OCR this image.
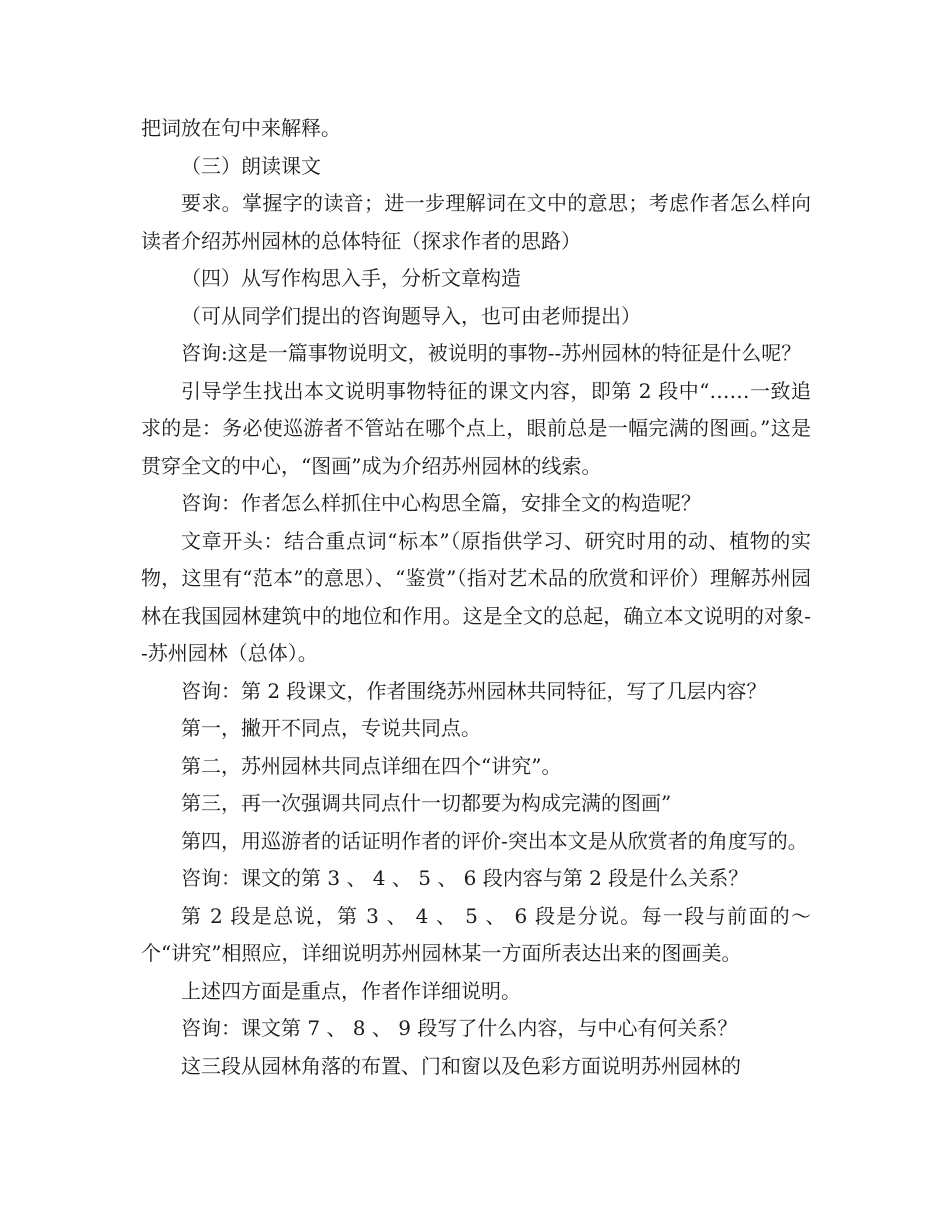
把词放在句中来解释。

（三）朗读课文

要求。掌握字的读音；进一步理解词在文中的意思；考虑作者怎么样向读者介绍苏州园林的总体特征（探求作者的思路）

（四）从写作构思入手，分析文章构造

（可从同学们提出的咨询题导入，也可由老师提出）

咨询:这是一篇事物说明文，被说明的事物--苏州园林的特征是什么呢？

引导学生找出本文说明事物特征的课文内容，即第 2 段中“……一致追求的是：务必使巡游者不管站在哪个点上，眼前总是一幅完满的图画。”这是贯穿全文的中心，“图画”成为介绍苏州园林的线索。

咨询：作者怎么样抓住中心构思全篇，安排全文的构造呢？

文章开头：结合重点词“标本”（原指供学习、研究时用的动、植物的实物，这里有“范本”的意思）、“鉴赏”（指对艺术品的欣赏和评价）理解苏州园林在我国园林建筑中的地位和作用。这是全文的总起，确立本文说明的对象--苏州园林（总体）。

咨询：第 2 段课文，作者围绕苏州园林共同特征，写了几层内容？

第一，撇开不同点，专说共同点。

第二，苏州园林共同点详细在四个“讲究”。

第三，再一次强调共同点什一切都要为构成完满的图画”

第四，用巡游者的话证明作者的评价-突出本文是从欣赏者的角度写的。

咨询：课文的第 3 、 4 、 5 、 6 段内容与第 2 段是什么关系？

第 2 段是总说，第 3 、 4 、 5 、 6 段是分说。每一段与前面的～个“讲究”相照应，详细说明苏州园林某一方面所表达出来的图画美。

上述四方面是重点，作者作详细说明。

咨询：课文第 7 、 8 、 9 段写了什么内容，与中心有何关系？

这三段从园林角落的布置、门和窗以及色彩方面说明苏州园林的
